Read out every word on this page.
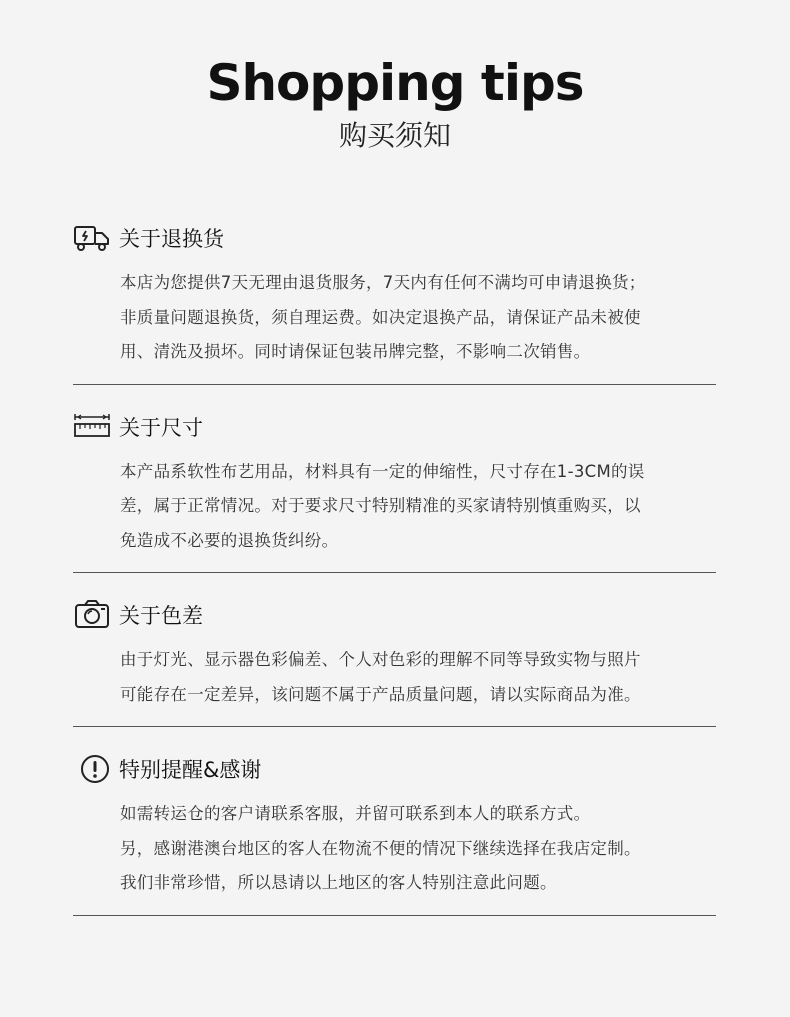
Shopping tips
购买须知
关于退换货

本店为您提供7天无理由退货服务，7天内有任何不满均可申请退换货；

非质量问题退换货，须自理运费。如决定退换产品，请保证产品未被使

用、清洗及损坏。同时请保证包装吊牌完整，不影响二次销售。

关于尺寸

本产品系软性布艺用品，材料具有一定的伸缩性，尺寸存在1-3CM的误

差，属于正常情况。对于要求尺寸特别精准的买家请特别慎重购买，以

免造成不必要的退换货纠纷。

关于色差

由于灯光、显示器色彩偏差、个人对色彩的理解不同等导致实物与照片

可能存在一定差异，该问题不属于产品质量问题，请以实际商品为准。

特别提醒&感谢

如需转运仓的客户请联系客服，并留可联系到本人的联系方式。

另，感谢港澳台地区的客人在物流不便的情况下继续选择在我店定制。

我们非常珍惜，所以恳请以上地区的客人特别注意此问题。
